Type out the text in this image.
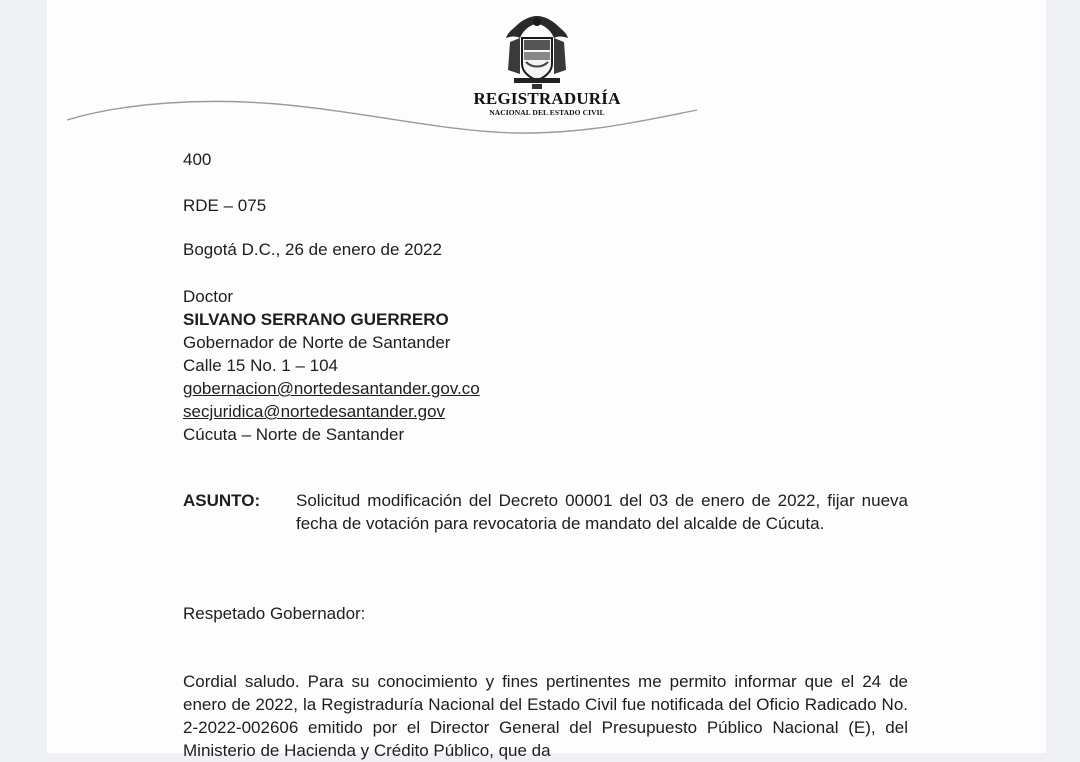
REGISTRADURÍA
NACIONAL DEL ESTADO CIVIL
400
RDE – 075
Bogotá D.C., 26 de enero de 2022
Doctor
SILVANO SERRANO GUERRERO
Gobernador de Norte de Santander
Calle 15 No. 1 – 104
gobernacion@nortedesantander.gov.co
secjuridica@nortedesantander.gov
Cúcuta – Norte de Santander
ASUNTO:	Solicitud modificación del Decreto 00001 del 03 de enero de 2022, fijar nueva fecha de votación para revocatoria de mandato del alcalde de Cúcuta.
Respetado Gobernador:
Cordial saludo. Para su conocimiento y fines pertinentes me permito informar que el 24 de enero de 2022, la Registraduría Nacional del Estado Civil fue notificada del Oficio Radicado No. 2-2022-002606 emitido por el Director General del Presupuesto Público Nacional (E), del Ministerio de Hacienda y Crédito Público, que da
